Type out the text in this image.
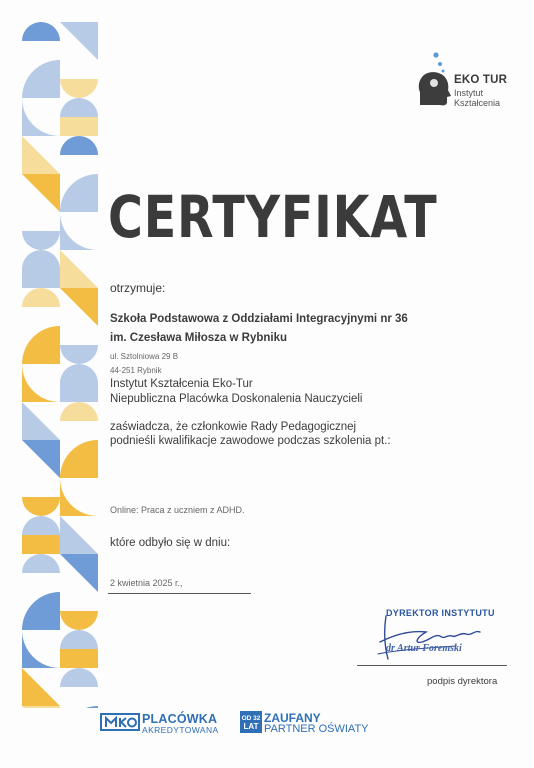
EKO TUR
Instytut
Kształcenia
CERTYFIKAT
otrzymuje:
Szkoła Podstawowa z Oddziałami Integracyjnymi nr 36
im. Czesława Miłosza w Rybniku
ul. Sztolniowa 29 B
44-251 Rybnik
Instytut Kształcenia Eko-Tur
Niepubliczna Placówka Doskonalenia Nauczycieli
zaświadcza, że członkowie Rady Pedagogicznej
podnieśli kwalifikacje zawodowe podczas szkolenia pt.:
Online: Praca z uczniem z ADHD.
które odbyło się w dniu:
2 kwietnia 2025 r.,
DYREKTOR INSTYTUTU
dr Artur Foremski
podpis dyrektora
PLACÓWKA
AKREDYTOWANA
OD 32
LAT
ZAUFANY
PARTNER OŚWIATY
